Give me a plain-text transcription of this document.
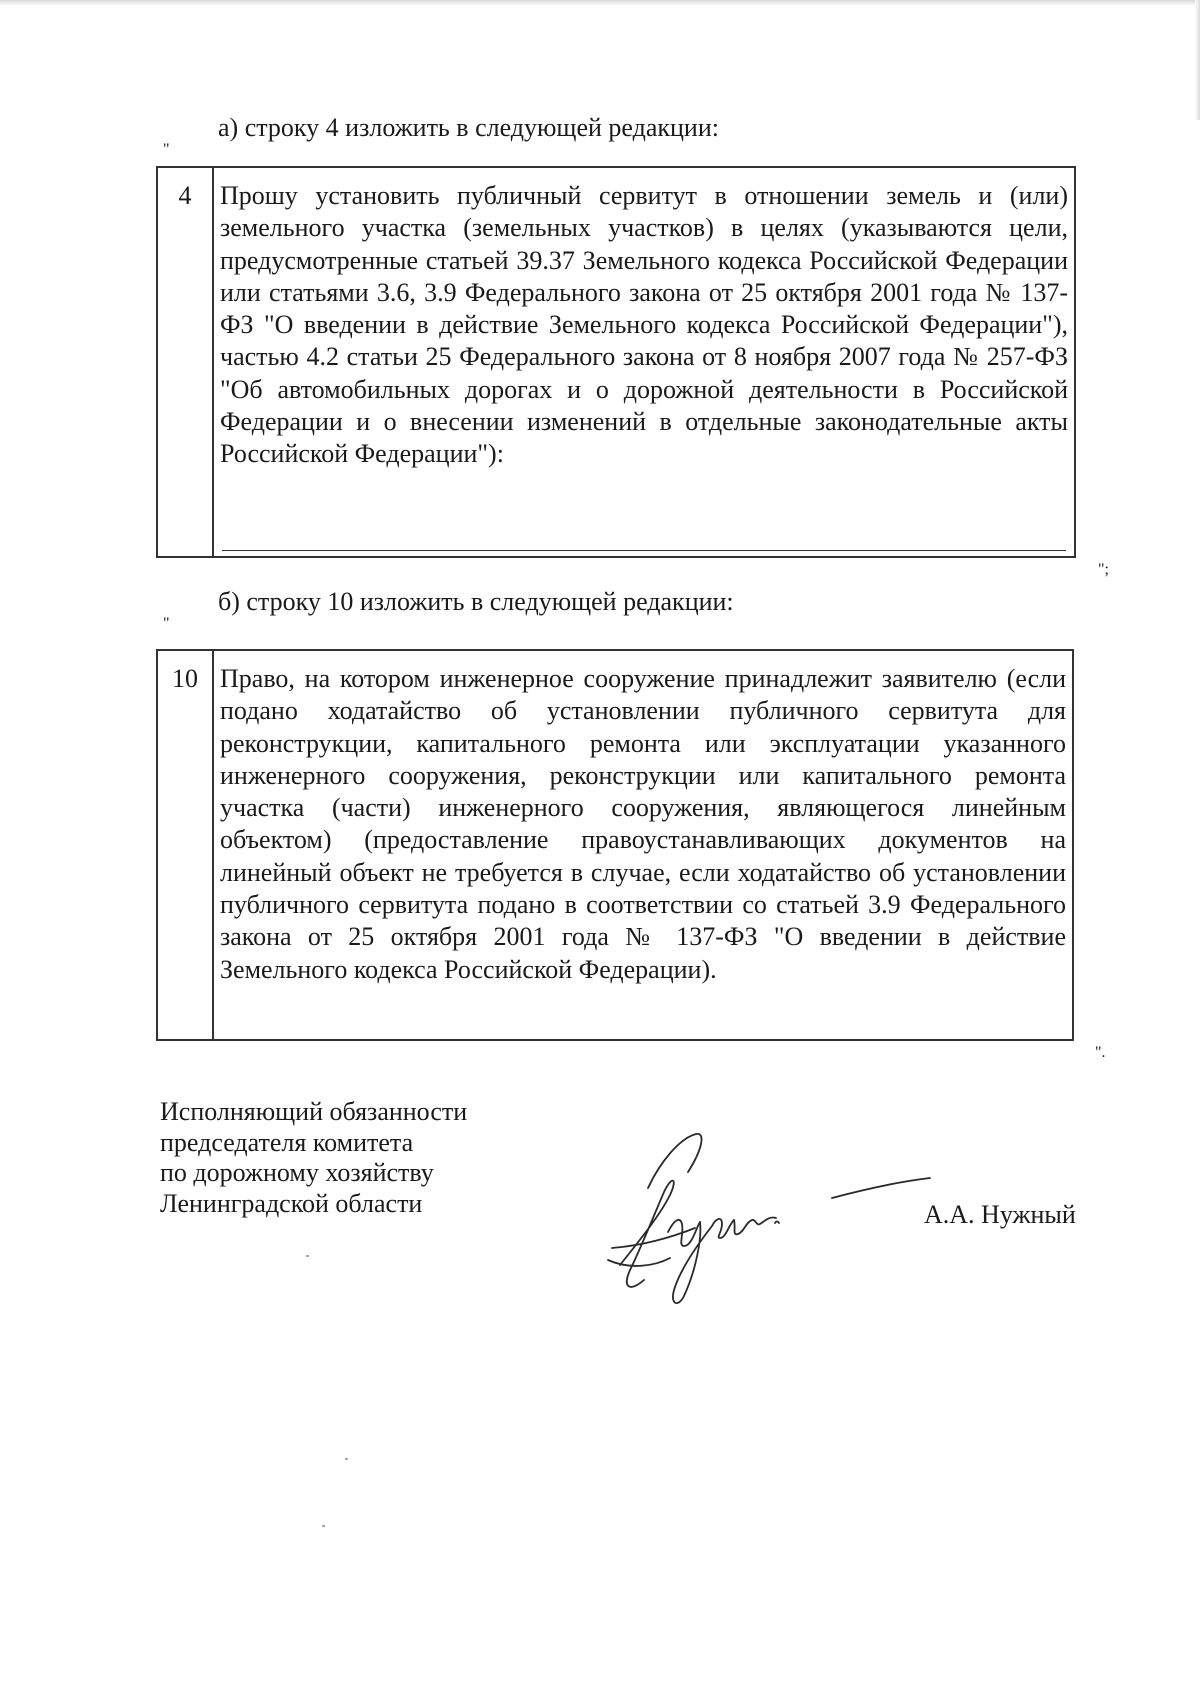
а) строку 4 изложить в следующей редакции:
"
4	Прошу установить публичный сервитут в отношении земель и (или) земельного участка (земельных участков) в целях (указываются цели, предусмотренные статьей 39.37 Земельного кодекса Российской Федерации или статьями 3.6, 3.9 Федерального закона от 25 октября 2001 года № 137-ФЗ "О введении в действие Земельного кодекса Российской Федерации"), частью 4.2 статьи 25 Федерального закона от 8 ноября 2007 года № 257-ФЗ "Об автомобильных дорогах и о дорожной деятельности в Российской Федерации и о внесении изменений в отдельные законодательные акты Российской Федерации"):
";
б) строку 10 изложить в следующей редакции:
"
10 Право, на котором инженерное сооружение принадлежит заявителю (если подано ходатайство об установлении публичного сервитута для реконструкции, капитального ремонта или эксплуатации указанного инженерного сооружения, реконструкции или капитального ремонта участка (части) инженерного сооружения, являющегося линейным объектом) (предоставление правоустанавливающих документов на линейный объект не требуется в случае, если ходатайство об установлении публичного сервитута подано в соответствии со статьей 3.9 Федерального закона от 25 октября 2001 года № 137-ФЗ "О введении в действие Земельного кодекса Российской Федерации).
".
Исполняющий обязанности
председателя комитета
по дорожному хозяйству
Ленинградской области	А.А. Нужный
